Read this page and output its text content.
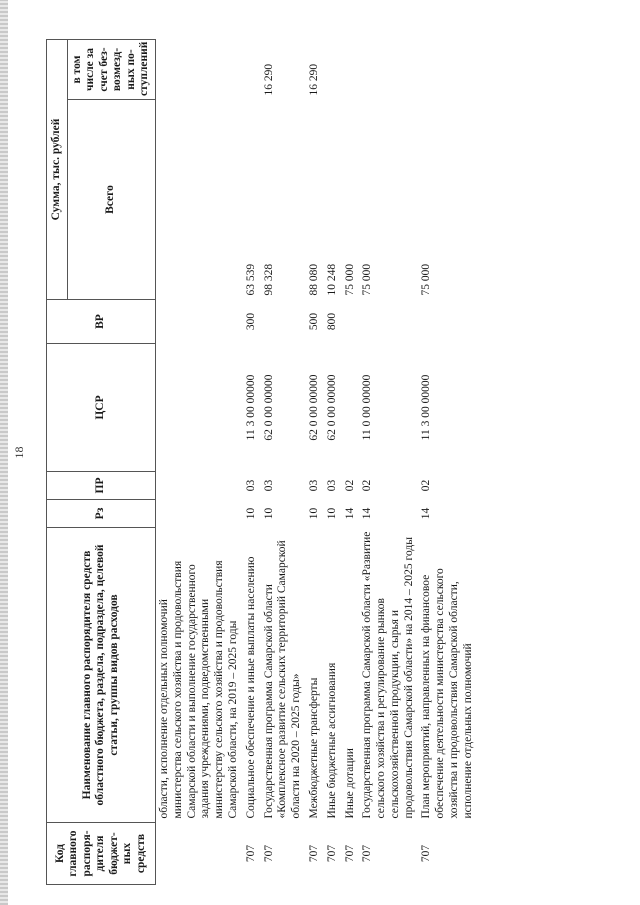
18
Код главного распоря-дителя бюджет-ных средств	Наименование главного распорядителя средств областного бюджета, раздела, подраздела, целевой статьи, группы видов расходов	Рз	ПР	ЦСР	ВР	Сумма, тыс. рублей	
						Всего	в том числе за счет без-возмезд-ных по-ступлений
	области, исполнение отдельных полномочий министерства сельского хозяйства и продовольствия Самарской области и выполнение государственного задания учреждениями, подведомственными министерству сельского хозяйства и продовольствия Самарской области, на 2019 – 2025 годы						
707	Социальное обеспечение и иные выплаты населению	10	03	11 3 00 00000	300	63 539	
707	Государственная программа Самарской области «Комплексное развитие сельских территорий Самарской области на 2020 – 2025 годы»	10	03	62 0 00 00000		98 328	16 290
707	Межбюджетные трансферты	10	03	62 0 00 00000	500	88 080	16 290
707	Иные бюджетные ассигнования	10	03	62 0 00 00000	800	10 248	
707	Иные дотации	14	02			75 000	
707	Государственная программа Самарской области «Развитие сельского хозяйства и регулирование рынков сельскохозяйственной продукции, сырья и продовольствия Самарской области» на 2014 – 2025 годы	14	02	11 0 00 00000		75 000	
707	План мероприятий, направленных на финансовое обеспечение деятельности министерства сельского хозяйства и продовольствия Самарской области, исполнение отдельных полномочий	14	02	11 3 00 00000		75 000	
